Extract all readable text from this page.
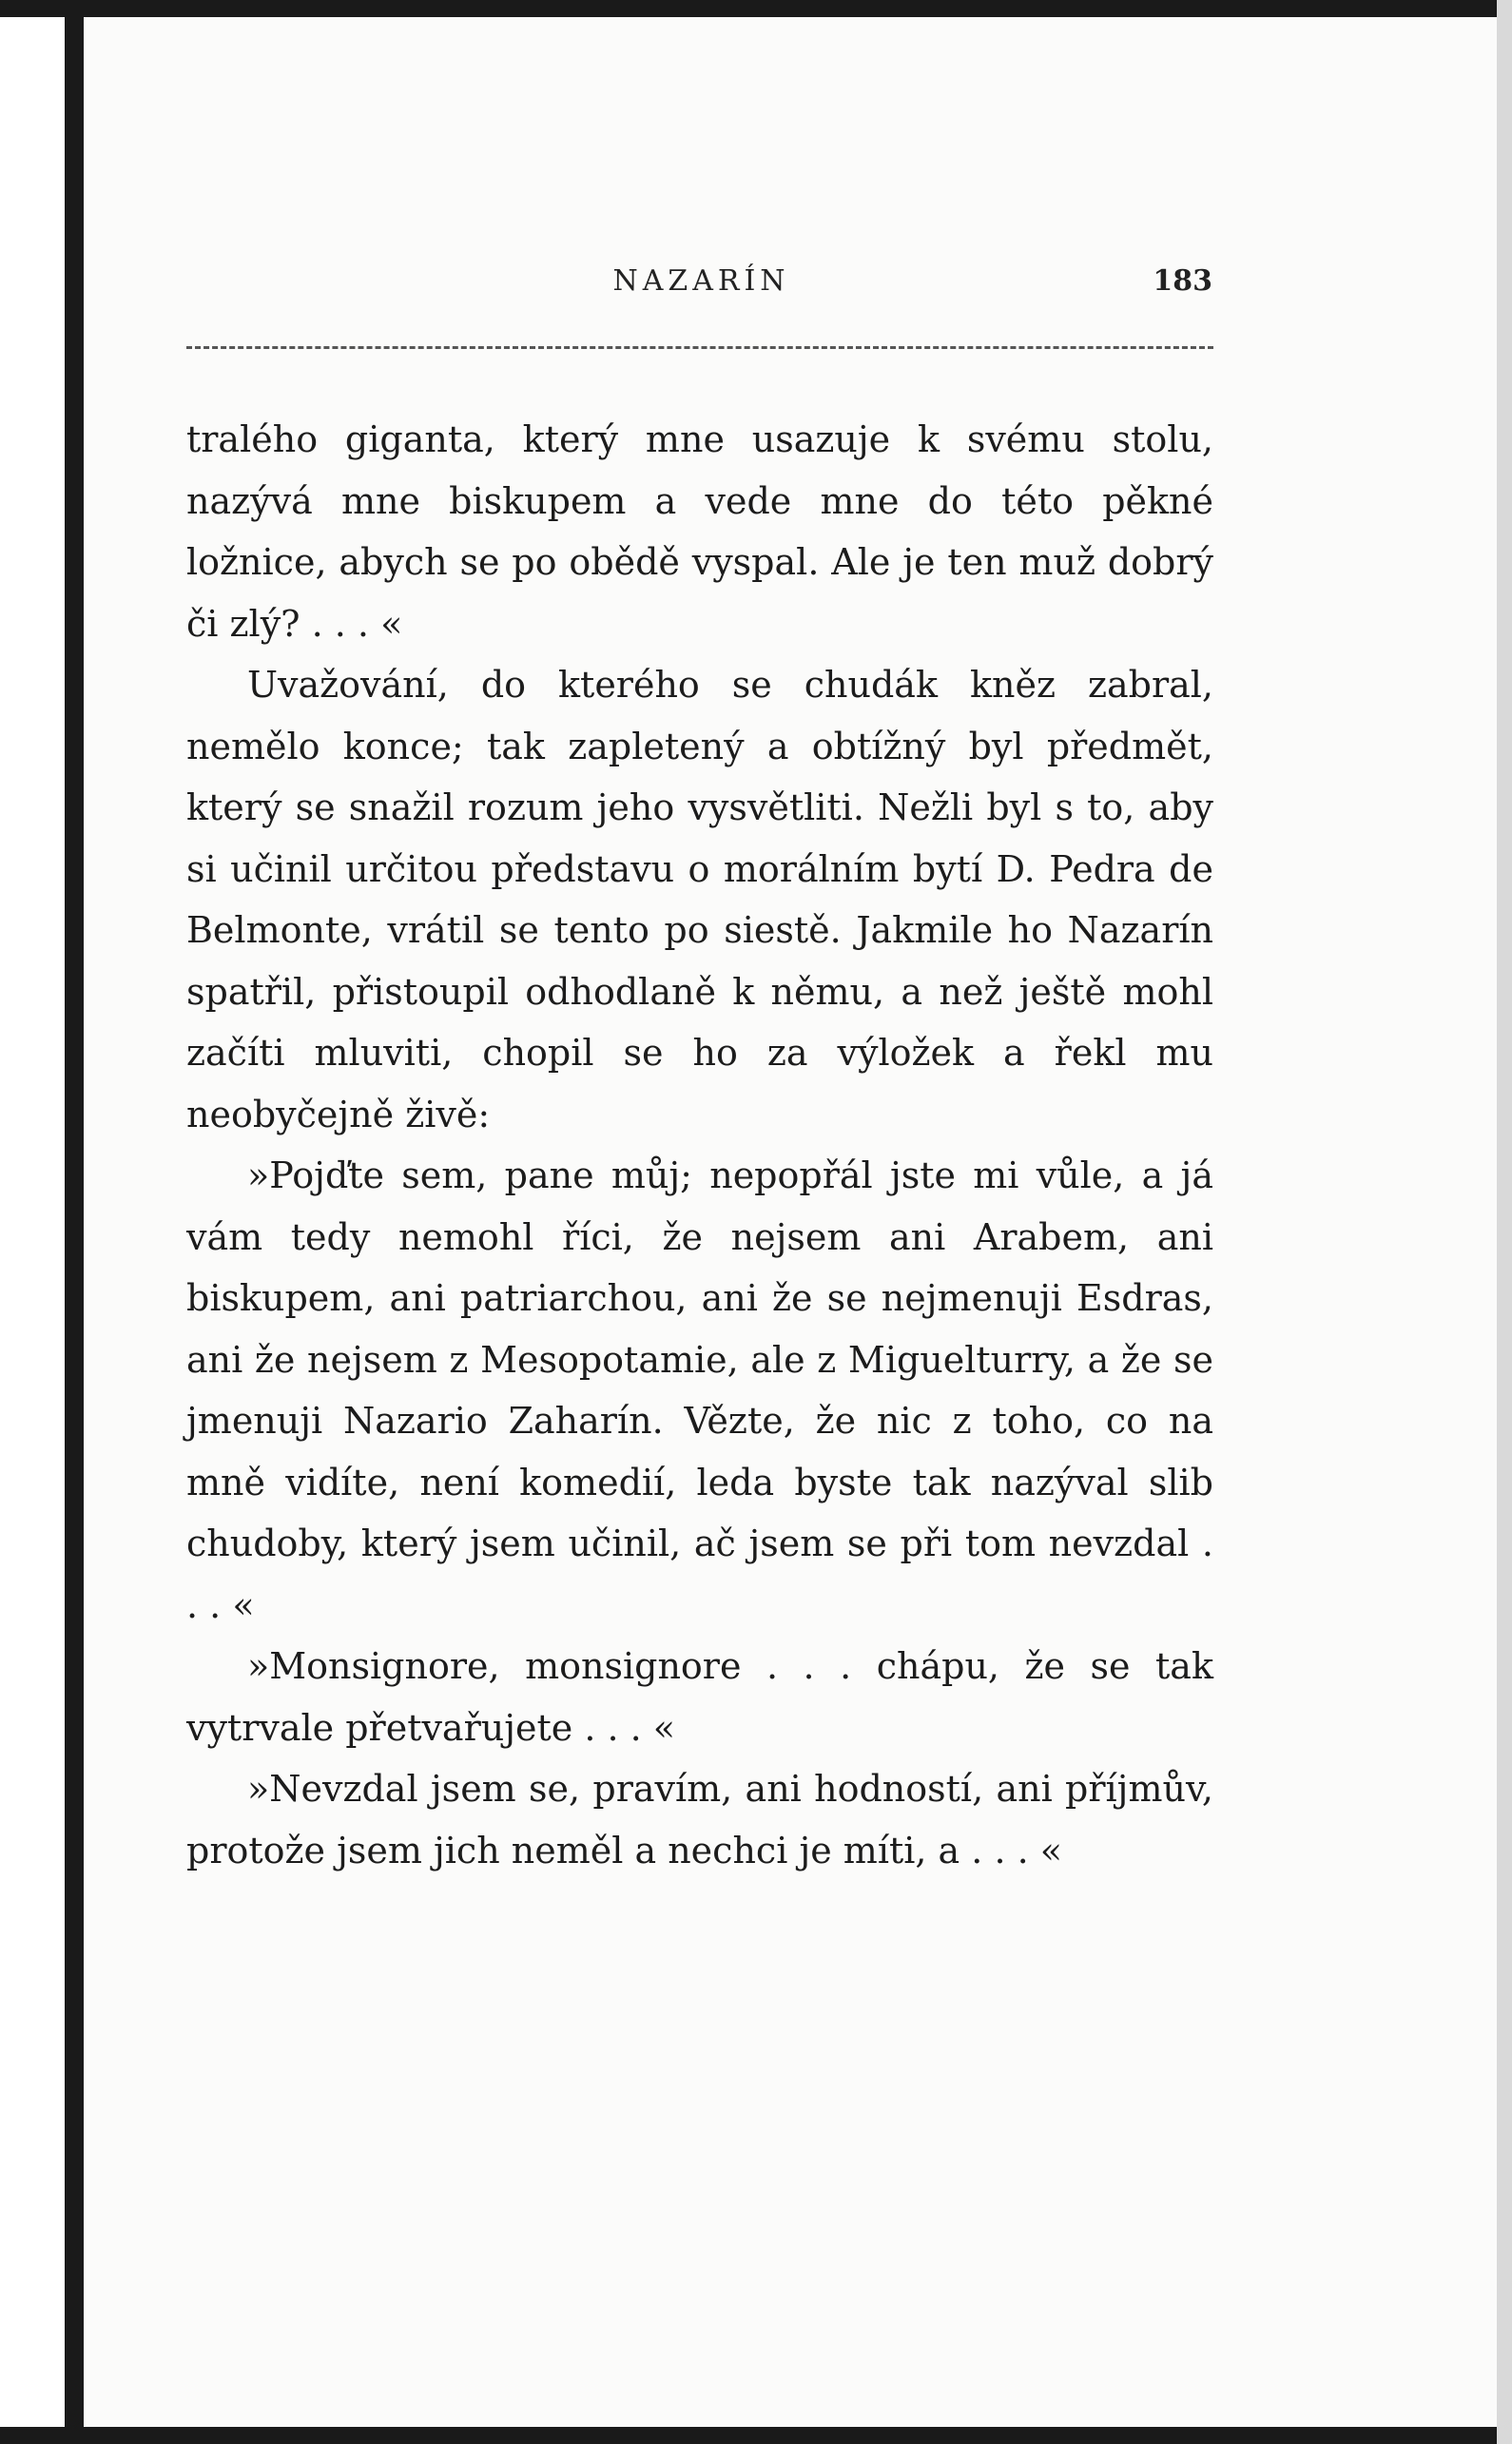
NAZARÍN	183

tralého giganta, který mne usazuje k svému stolu, nazývá mne biskupem a vede mne do této pěkné ložnice, abych se po obědě vyspal. Ale je ten muž dobrý či zlý? . . . «

Uvažování, do kterého se chudák kněz zabral, nemělo konce; tak zapletený a obtížný byl předmět, který se snažil rozum jeho vysvětliti. Nežli byl s to, aby si učinil určitou představu o morálním bytí D. Pedra de Belmonte, vrátil se tento po siestě. Jakmile ho Nazarín spatřil, přistoupil odhodlaně k němu, a než ještě mohl začíti mluviti, chopil se ho za výložek a řekl mu neobyčejně živě:

»Pojďte sem, pane můj; nepopřál jste mi vůle, a já vám tedy nemohl říci, že nejsem ani Arabem, ani biskupem, ani patriarchou, ani že se nejmenuji Esdras, ani že nejsem z Mesopotamie, ale z Miguelturry, a že se jmenuji Nazario Zaharín. Vězte, že nic z toho, co na mně vidíte, není komedií, leda byste tak nazýval slib chudoby, který jsem učinil, ač jsem se při tom nevzdal . . . «

»Monsignore, monsignore . . . chápu, že se tak vytrvale přetvařujete . . . «

»Nevzdal jsem se, pravím, ani hodností, ani příjmův, protože jsem jich neměl a nechci je míti, a . . . «
